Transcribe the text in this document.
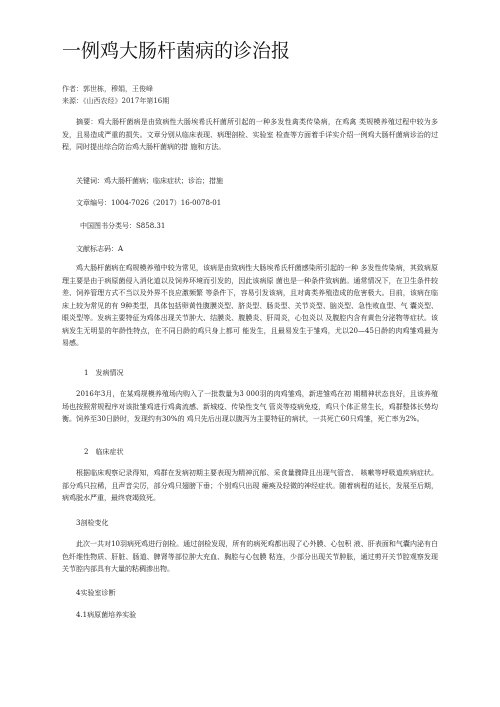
一例鸡大肠杆菌病的诊治报
作者：郭世栋，穆娟，王俊峰
来源：《山西农经》2017年第16期

摘要：鸡大肠杆菌病是由致病性大肠埃希氏杆菌所引起的一种多发性禽类传染病，在鸡禽 类规模养殖过程中较为多发，且易造成严重的损失。文章分别从临床表现、病理剖检、实验室 检查等方面着手详实介绍一例鸡大肠杆菌病诊治的过程，同时提出综合防治鸡大肠杆菌病的措 施和方法。

关键词：鸡大肠杆菌病；临床症状；诊治；措施

文章编号：1004-7026（2017）16-0078-01

中国图书分类号：S858.31

文献标志码：A

鸡大肠杆菌病在鸡规模养殖中较为常见，该病是由致病性大肠埃希氏杆菌感染所引起的一种 多发性传染病，其致病原理主要是由于病原菌侵入消化道以及饲养环境而引发的，因此该病原 菌也是一种条件致病菌。通常情况下，在卫生条件较差、饲养管理方式不当以及外界不良应激频繁 等条件下，容易引发该病，且对禽类养殖造成的危害极大。目前，该病在临床上较为常见的有 9种类型，具体包括卵黄性腹膜炎型、脐炎型、肠炎型、关节炎型、脑炎型、急性败血型、气 囊炎型、眼炎型等。发病主要特征为鸡体出现关节肿大、结膜炎、腹膜炎、肝周炎，心包炎以 及腹腔内含有黄色分泌物等症状。该病发生无明显的年龄性特点，在不同日龄的鸡只身上都可 能发生，且最易发生于雏鸡，尤以20—45日龄的肉鸡雏鸡最为易感。

1　发病情况

2016年3月，在某鸡规模养殖场内购入了一批数量为3 000羽的肉鸡雏鸡，新进雏鸡在初 期精神状态良好，且该养殖场也按照常规程序对该批雏鸡进行鸡禽流感、新城疫、传染性支气 管炎等疫病免疫，鸡只个体正常生长，鸡群整体长势均衡。饲养至30日龄时，发现约有30%的 鸡只先后出现以腹泻为主要特征的病状，一共死亡60只鸡雏，死亡率为2%。

2　临床症状

根据临床观察记录得知，鸡群在发病初期主要表现为精神沉郁、采食量骤降且出现气管音、 咳嗽等呼吸道疾病症状。部分鸡只拉稀，且声音尖厉，部分鸡只翅膀下垂；个别鸡只出现 瘫痪及轻微的神经症状。随着病程的延长，发展至后期，病鸡脱水严重，最终衰竭致死。

3剖检变化

此次一共对10羽病死鸡进行剖检。通过剖检发现，所有的病死鸡都出现了心外膜、心包积 液、肝表面和气囊内泌有白色纤维性物质、肝脏、肠道、脾肾等部位肿大充血、胸腔与心包膜 粘连，少部分出现关节肿胀，通过剪开关节腔观察发现关节腔内部具有大量的粘稠渗出物。

4实验室诊断

4.1病原菌培养实验
